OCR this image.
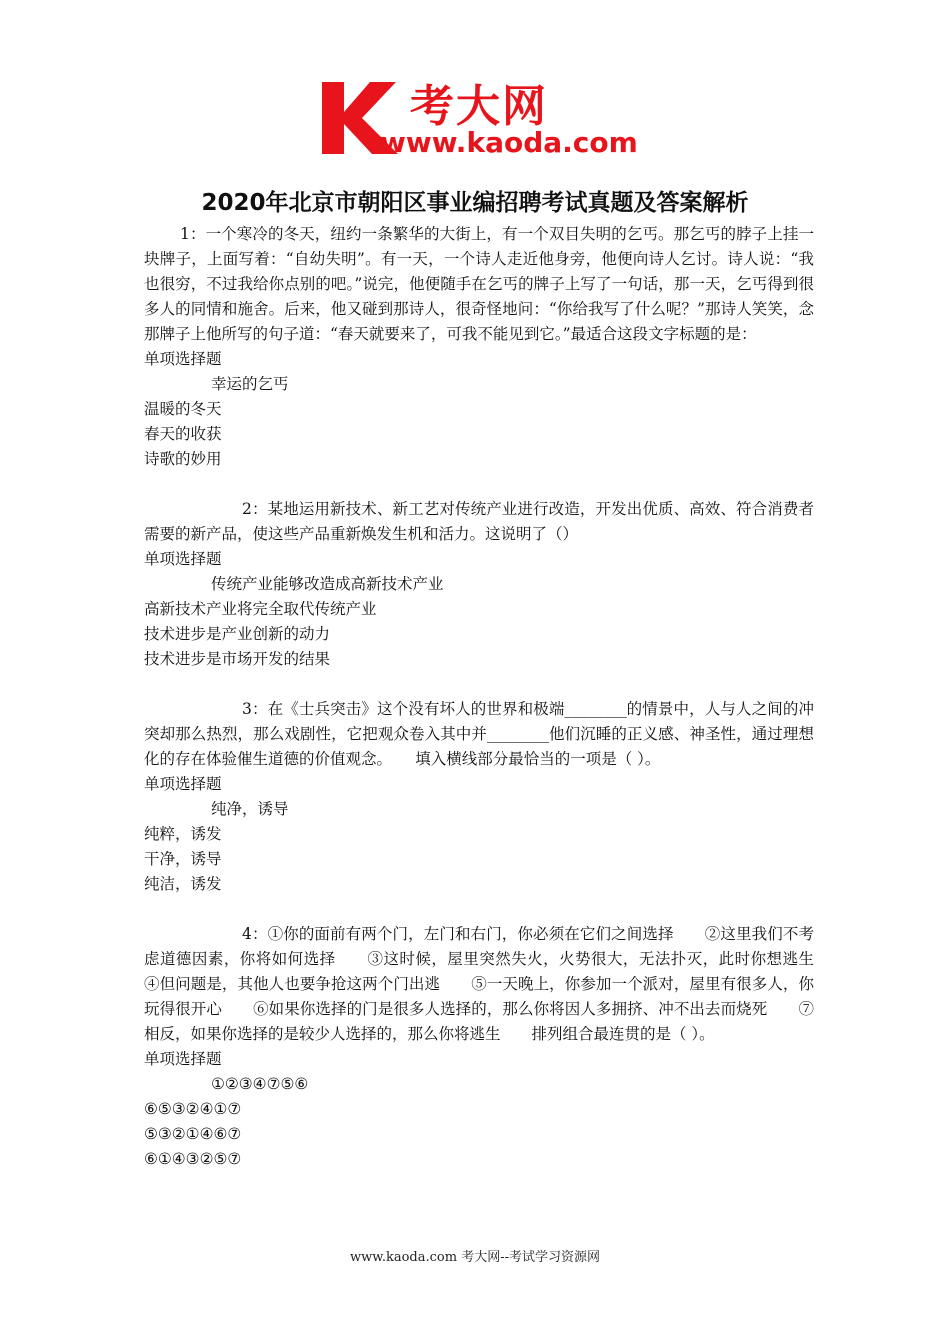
考大网
www.kaoda.com
2020年北京市朝阳区事业编招聘考试真题及答案解析

1：一个寒冷的冬天，纽约一条繁华的大街上，有一个双目失明的乞丐。那乞丐的脖子上挂一块牌子，上面写着：“自幼失明”。有一天，一个诗人走近他身旁，他便向诗人乞讨。诗人说：“我也很穷，不过我给你点别的吧。”说完，他便随手在乞丐的牌子上写了一句话，那一天，乞丐得到很多人的同情和施舍。后来，他又碰到那诗人，很奇怪地问：“你给我写了什么呢？”那诗人笑笑，念那牌子上他所写的句子道：“春天就要来了，可我不能见到它。”最适合这段文字标题的是：

单项选择题

幸运的乞丐

温暖的冬天

春天的收获

诗歌的妙用

2：某地运用新技术、新工艺对传统产业进行改造，开发出优质、高效、符合消费者需要的新产品，使这些产品重新焕发生机和活力。这说明了（）

单项选择题

传统产业能够改造成高新技术产业

高新技术产业将完全取代传统产业

技术进步是产业创新的动力

技术进步是市场开发的结果

3：在《士兵突击》这个没有坏人的世界和极端________的情景中，人与人之间的冲突却那么热烈，那么戏剧性，它把观众卷入其中并________他们沉睡的正义感、神圣性，通过理想化的存在体验催生道德的价值观念。　　填入横线部分最恰当的一项是（ ）。

单项选择题

纯净，诱导

纯粹，诱发

干净，诱导

纯洁，诱发

4：①你的面前有两个门，左门和右门，你必须在它们之间选择　　②这里我们不考虑道德因素，你将如何选择　　③这时候，屋里突然失火，火势很大，无法扑灭，此时你想逃生　　④但问题是，其他人也要争抢这两个门出逃　　⑤一天晚上，你参加一个派对，屋里有很多人，你玩得很开心　　⑥如果你选择的门是很多人选择的，那么你将因人多拥挤、冲不出去而烧死　　⑦相反，如果你选择的是较少人选择的，那么你将逃生　　排列组合最连贯的是（ ）。

单项选择题

①②③④⑦⑤⑥

⑥⑤③②④①⑦

⑤③②①④⑥⑦

⑥①④③②⑤⑦

www.kaoda.com 考大网--考试学习资源网
